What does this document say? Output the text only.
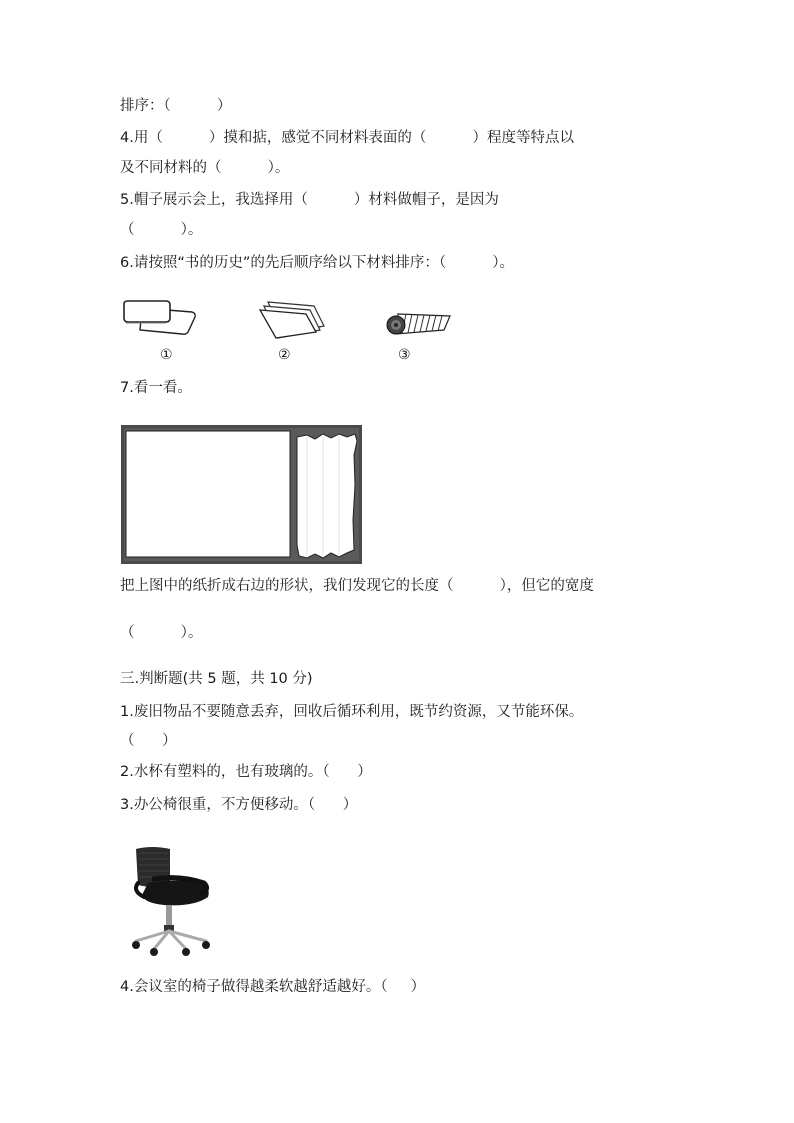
排序：（          ）
4.用（          ）摸和掂，感觉不同材料表面的（          ）程度等特点以
及不同材料的（          ）。
5.帽子展示会上，我选择用（          ）材料做帽子，是因为
（          ）。
6.请按照“书的历史”的先后顺序给以下材料排序：（          ）。
①	②	③
7.看一看。
把上图中的纸折成右边的形状，我们发现它的长度（          ），但它的宽度
（          ）。
三.判断题(共 5 题，共 10 分)
1.废旧物品不要随意丢弃，回收后循环利用，既节约资源，又节能环保。
（      ）
2.水杯有塑料的，也有玻璃的。（      ）
3.办公椅很重，不方便移动。（      ）
4.会议室的椅子做得越柔软越舒适越好。（     ）
